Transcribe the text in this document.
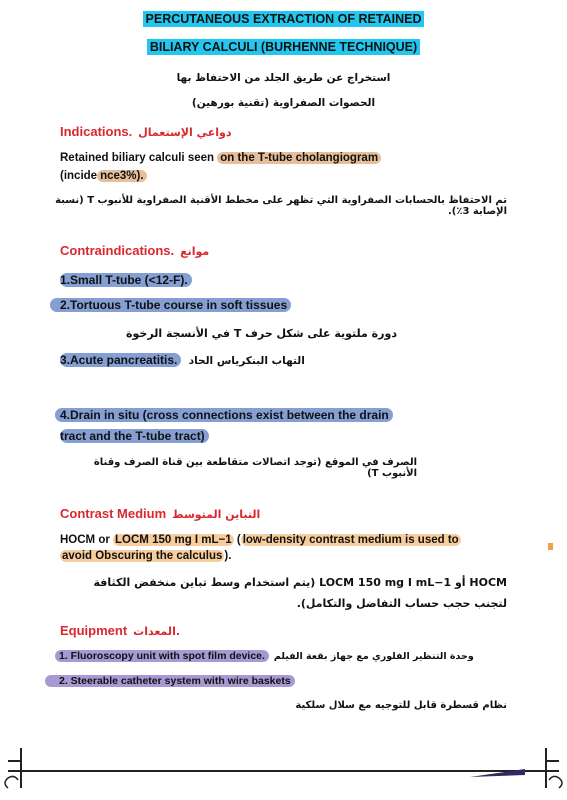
PERCUTANEOUS EXTRACTION OF RETAINED
BILIARY CALCULI (BURHENNE TECHNIQUE)
استخراج عن طريق الجلد من الاحتفاظ بها
الحصوات الصفراوية (تقنية بورهين)
Indications. دواعي الإستعمال
Retained biliary calculi seen on the T-tube cholangiogram
(incide nce3%).
تم الاحتفاظ بالحسابات الصفراوية التي تظهر على مخطط الأقنية الصفراوية للأنبوب T (نسبة الإصابة 3٪).
Contraindications. موانع
1.Small T-tube (<12-F).
2.Tortuous T-tube course in soft tissues
دورة ملتوية على شكل حرف T في الأنسجة الرخوة
3.Acute pancreatitis. التهاب البنكرياس الحاد
4.Drain in situ (cross connections exist between the drain
tract and the T-tube tract)
الصرف في الموقع (توجد اتصالات متقاطعة بين قناة الصرف وقناة الأنبوب T)
Contrast Medium التباين المتوسط
HOCM or LOCM 150 mg I mL−1 ( low-density contrast medium is used to
avoid Obscuring the calculus ).
HOCM أو LOCM 150 mg I mL−1 (يتم استخدام وسط تباين منخفض الكثافة
لتجنب حجب حساب التفاضل والتكامل).
Equipment المعدات.
1. Fluoroscopy unit with spot film device. وحدة التنظير الفلوري مع جهاز بقعة الفيلم
2. Steerable catheter system with wire baskets
نظام قسطرة قابل للتوجيه مع سلال سلكية
